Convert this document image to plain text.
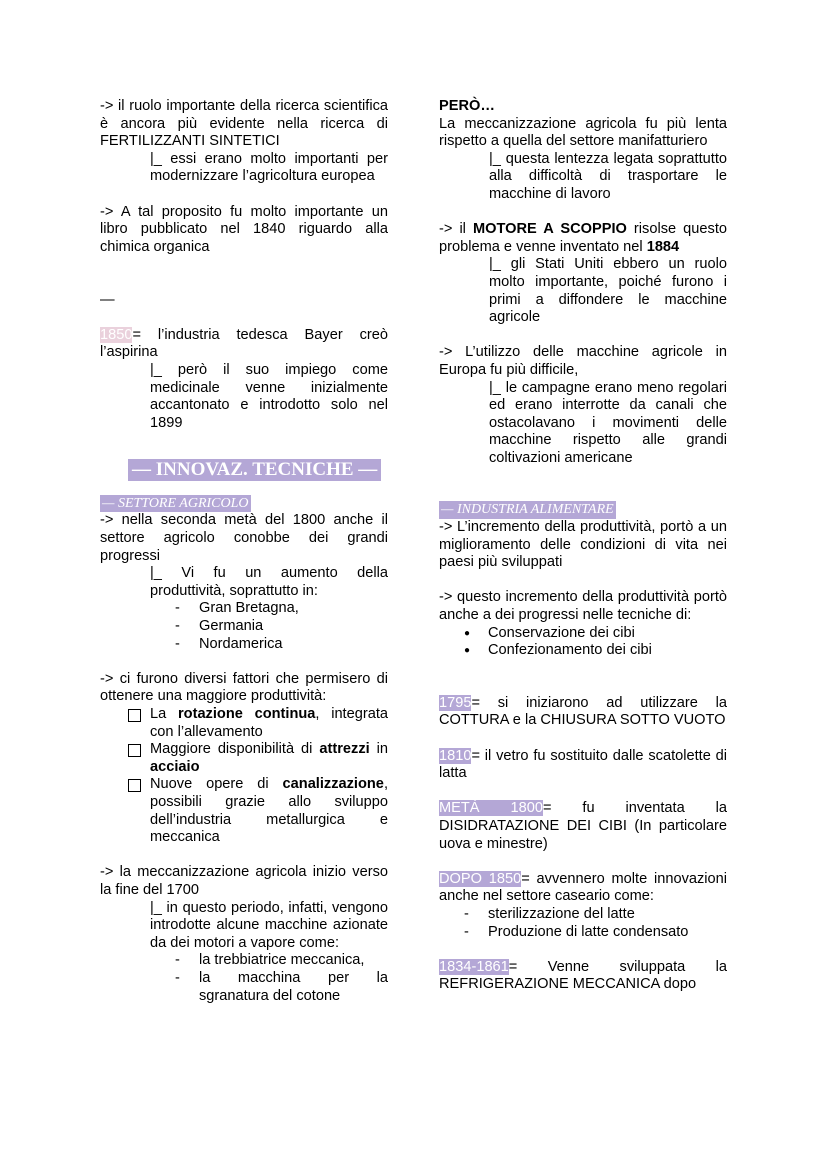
-> il ruolo importante della ricerca scientifica è ancora più evidente nella ricerca di FERTILIZZANTI SINTETICI

|_ essi erano molto importanti per modernizzare l’agricoltura europea

-> A tal proposito fu molto importante un libro pubblicato nel 1840 riguardo alla chimica organica

—

1850= l’industria tedesca Bayer creò l’aspirina

|_ però il suo impiego come medicinale venne inizialmente accantonato e introdotto solo nel 1899

— INNOVAZ. TECNICHE —
— SETTORE AGRICOLO

-> nella seconda metà del 1800 anche il settore agricolo conobbe dei grandi progressi

|_ Vi fu un aumento della produttività, soprattutto in:

- Gran Bretagna,
- Germania
- Nordamerica

-> ci furono diversi fattori che permisero di ottenere una maggiore produttività:

La rotazione continua, integrata con l’allevamento
Maggiore disponibilità di attrezzi in acciaio
Nuove opere di canalizzazione, possibili grazie allo sviluppo dell’industria metallurgica e meccanica

-> la meccanizzazione agricola inizio verso la fine del 1700

|_ in questo periodo, infatti, vengono introdotte alcune macchine azionate da dei motori a vapore come:

- la trebbiatrice meccanica,
- la macchina per la sgranatura del cotone

PERÒ…

La meccanizzazione agricola fu più lenta rispetto a quella del settore manifatturiero

|_ questa lentezza legata soprattutto alla difficoltà di trasportare le macchine di lavoro

-> il MOTORE A SCOPPIO risolse questo problema e venne inventato nel 1884

|_ gli Stati Uniti ebbero un ruolo molto importante, poiché furono i primi a diffondere le macchine agricole

-> L’utilizzo delle macchine agricole in Europa fu più difficile,

|_ le campagne erano meno regolari ed erano interrotte da canali che ostacolavano i movimenti delle macchine rispetto alle grandi coltivazioni americane

— INDUSTRIA ALIMENTARE

-> L’incremento della produttività, portò a un miglioramento delle condizioni di vita nei paesi più sviluppati

-> questo incremento della produttività portò anche a dei progressi nelle tecniche di:

● Conservazione dei cibi
● Confezionamento dei cibi

1795= si iniziarono ad utilizzare la COTTURA e la CHIUSURA SOTTO VUOTO

1810= il vetro fu sostituito dalle scatolette di latta

METÀ 1800= fu inventata la DISIDRATAZIONE DEI CIBI (In particolare uova e minestre)

DOPO 1850= avvennero molte innovazioni anche nel settore caseario come:

- sterilizzazione del latte
- Produzione di latte condensato

1834-1861= Venne sviluppata la REFRIGERAZIONE MECCANICA dopo
